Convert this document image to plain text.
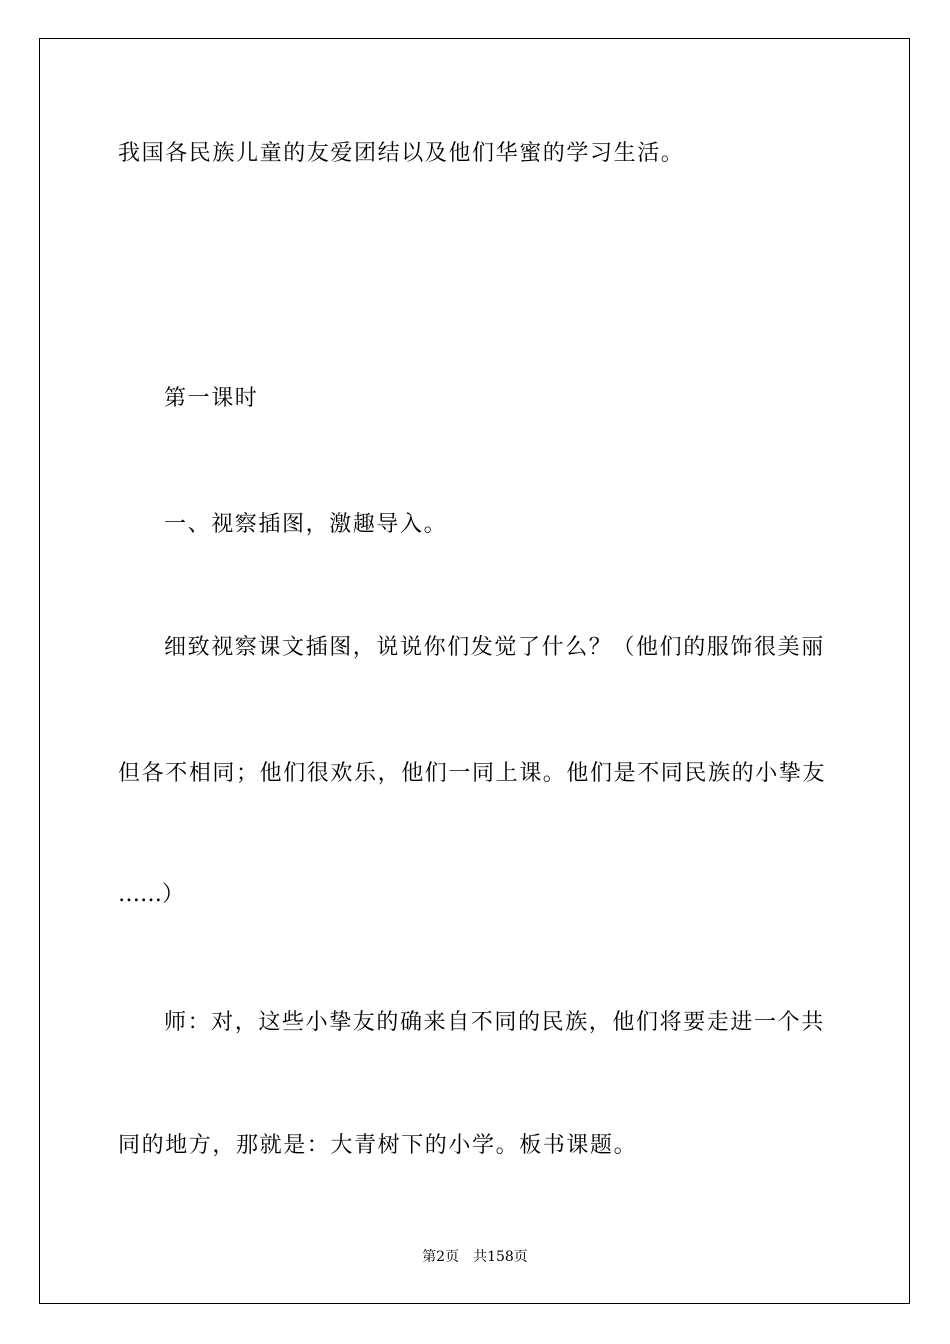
我国各民族儿童的友爱团结以及他们华蜜的学习生活。
第一课时
一、视察插图，激趣导入。
细致视察课文插图，说说你们发觉了什么？（他们的服饰很美丽
但各不相同；他们很欢乐，他们一同上课。他们是不同民族的小挚友
……）
师：对，这些小挚友的确来自不同的民族，他们将要走进一个共
同的地方，那就是：大青树下的小学。板书课题。
第2页　共158页
